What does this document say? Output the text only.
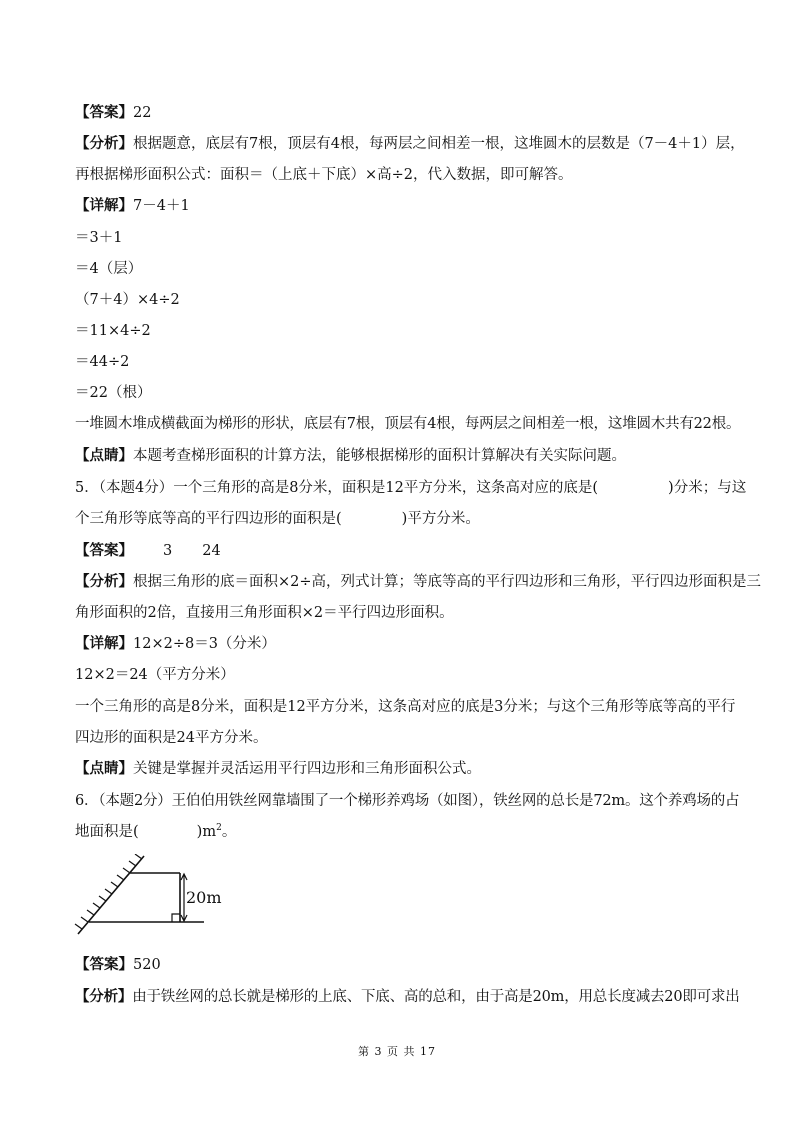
【答案】22
【分析】根据题意，底层有7根，顶层有4根，每两层之间相差一根，这堆圆木的层数是（7－4＋1）层，
再根据梯形面积公式：面积＝（上底＋下底）×高÷2，代入数据，即可解答。
【详解】7－4＋1
＝3＋1
＝4（层）
（7＋4）×4÷2
＝11×4÷2
＝44÷2
＝22（根）
一堆圆木堆成横截面为梯形的形状，底层有7根，顶层有4根，每两层之间相差一根，这堆圆木共有22根。
【点睛】本题考查梯形面积的计算方法，能够根据梯形的面积计算解决有关实际问题。
5．（本题4分）一个三角形的高是8分米，面积是12平方分米，这条高对应的底是(	)分米；与这
个三角形等底等高的平行四边形的面积是(	)平方分米。
【答案】 3 24
【分析】根据三角形的底＝面积×2÷高，列式计算；等底等高的平行四边形和三角形，平行四边形面积是三
角形面积的2倍，直接用三角形面积×2＝平行四边形面积。
【详解】12×2÷8＝3（分米）
12×2＝24（平方分米）
一个三角形的高是8分米，面积是12平方分米，这条高对应的底是3分米；与这个三角形等底等高的平行
四边形的面积是24平方分米。
【点睛】关键是掌握并灵活运用平行四边形和三角形面积公式。
6．（本题2分）王伯伯用铁丝网靠墙围了一个梯形养鸡场（如图），铁丝网的总长是72m。这个养鸡场的占
地面积是(	)$m^2$。
20m
【答案】520
【分析】由于铁丝网的总长就是梯形的上底、下底、高的总和，由于高是20m，用总长度减去20即可求出
第 3 页 共 17
